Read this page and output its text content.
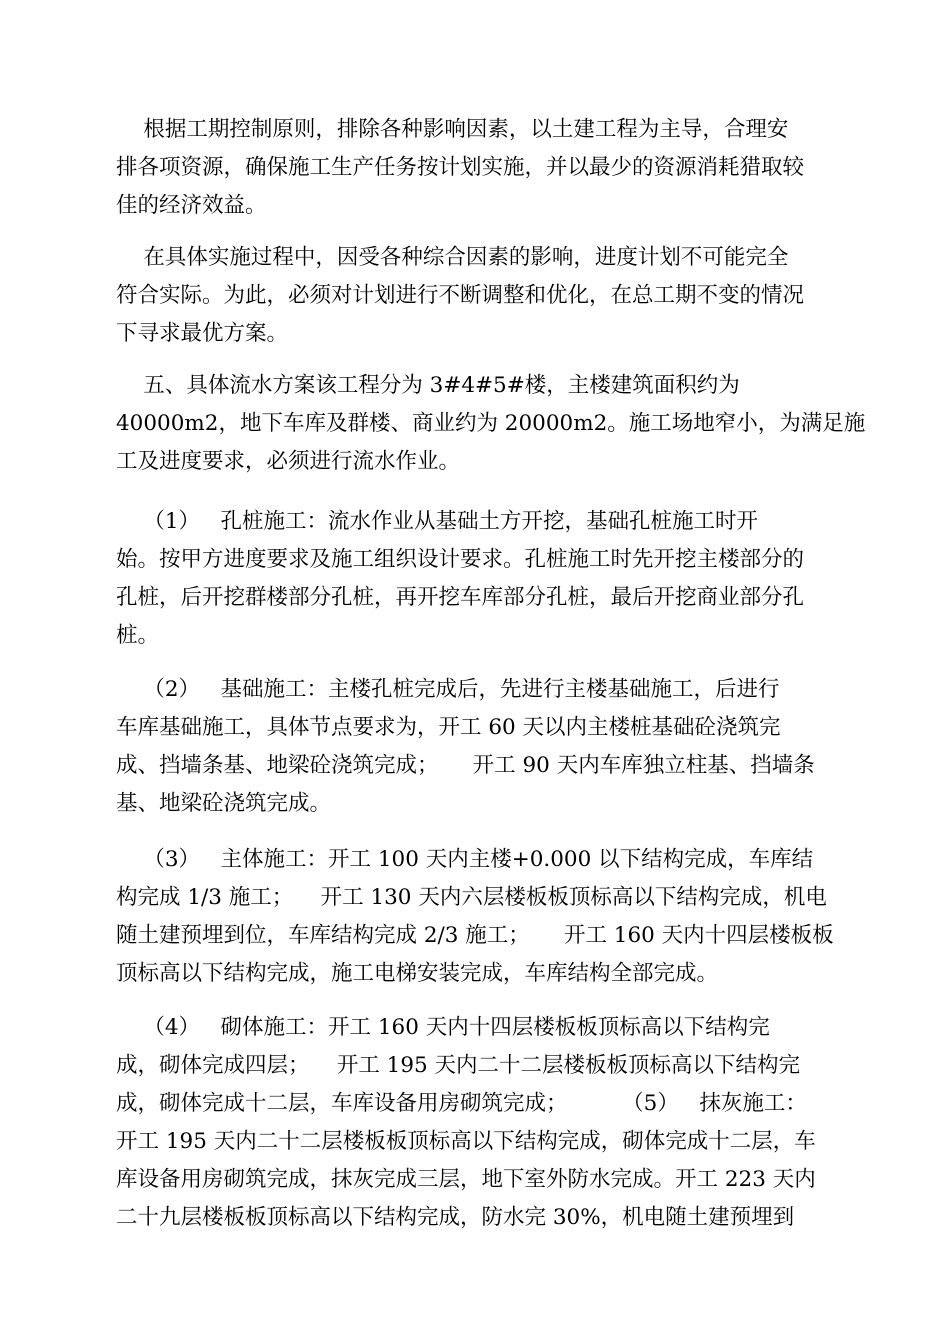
根据工期控制原则，排除各种影响因素，以土建工程为主导，合理安
排各项资源，确保施工生产任务按计划实施，并以最少的资源消耗猎取较
佳的经济效益。
在具体实施过程中，因受各种综合因素的影响，进度计划不可能完全
符合实际。为此，必须对计划进行不断调整和优化，在总工期不变的情况
下寻求最优方案。
五、具体流水方案该工程分为 3#4#5#楼，主楼建筑面积约为
40000m2，地下车库及群楼、商业约为 20000m2。施工场地窄小，为满足施
工及进度要求，必须进行流水作业。
（1）   孔桩施工：流水作业从基础土方开挖，基础孔桩施工时开
始。按甲方进度要求及施工组织设计要求。孔桩施工时先开挖主楼部分的
孔桩，后开挖群楼部分孔桩，再开挖车库部分孔桩，最后开挖商业部分孔
桩。
（2）   基础施工：主楼孔桩完成后，先进行主楼基础施工，后进行
车库基础施工，具体节点要求为，开工 60 天以内主楼桩基础砼浇筑完
成、挡墙条基、地梁砼浇筑完成；     开工 90 天内车库独立柱基、挡墙条
基、地梁砼浇筑完成。
（3）   主体施工：开工 100 天内主楼+0.000 以下结构完成，车库结
构完成 1/3 施工；    开工 130 天内六层楼板板顶标高以下结构完成，机电
随土建预埋到位，车库结构完成 2/3 施工；     开工 160 天内十四层楼板板
顶标高以下结构完成，施工电梯安装完成，车库结构全部完成。
（4）   砌体施工：开工 160 天内十四层楼板板顶标高以下结构完
成，砌体完成四层；    开工 195 天内二十二层楼板板顶标高以下结构完
成，砌体完成十二层，车库设备用房砌筑完成；        （5）   抹灰施工：
开工 195 天内二十二层楼板板顶标高以下结构完成，砌体完成十二层，车
库设备用房砌筑完成，抹灰完成三层，地下室外防水完成。开工 223 天内
二十九层楼板板顶标高以下结构完成，防水完 30%，机电随土建预埋到
